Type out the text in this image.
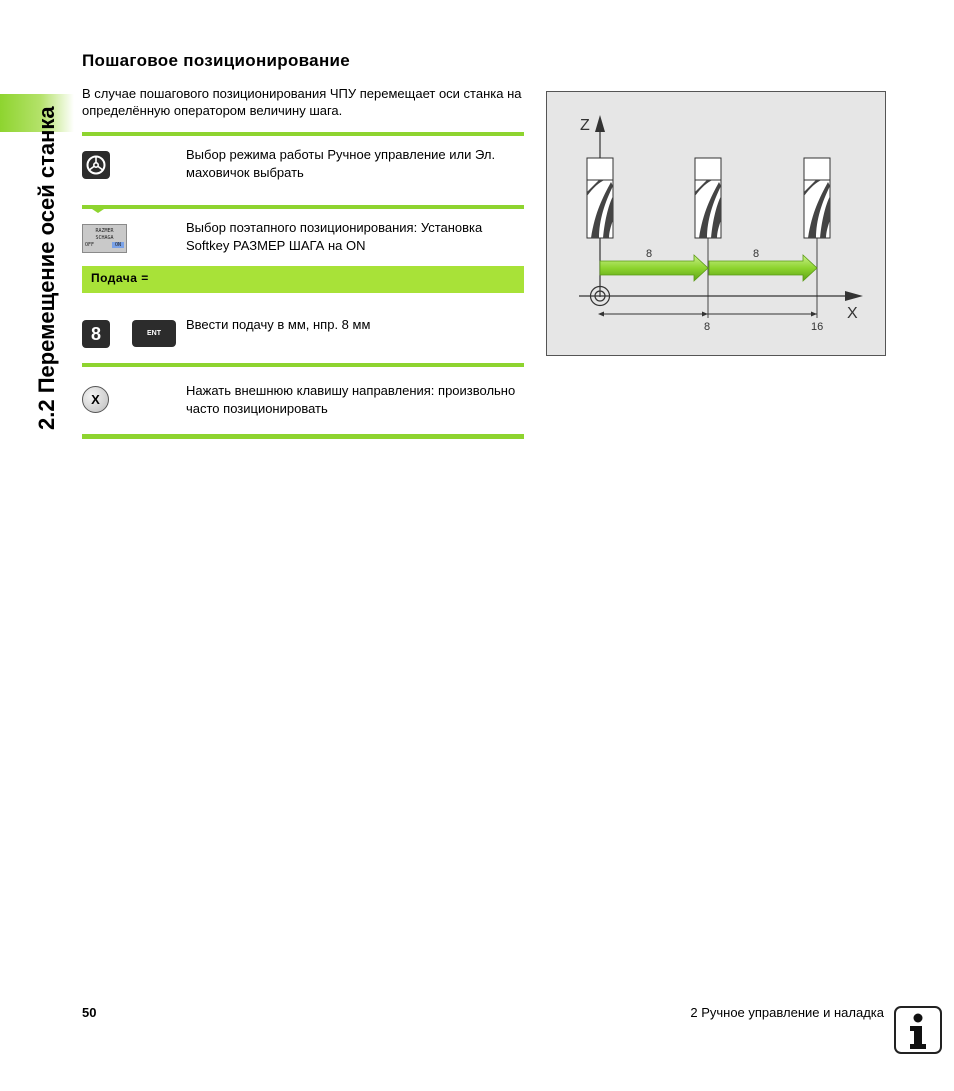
2.2 Перемещение осей станка
Пошаговое позиционирование
В случае пошагового позиционирования ЧПУ перемещает оси станка на определённую оператором величину шага.
Выбор режима работы Ручное управление или Эл. маховичок выбрать
RAZMER
SCHAGA
OFF	ON
Выбор поэтапного позиционирования: Установка Softkey РАЗМЕР ШАГА на ON
Подача =
8	ENT
Ввести подачу в мм, нпр. 8 мм
X
Нажать внешнюю клавишу направления: произвольно часто позиционировать
Z
X
8	16
8	8
50	2 Ручное управление и наладка
